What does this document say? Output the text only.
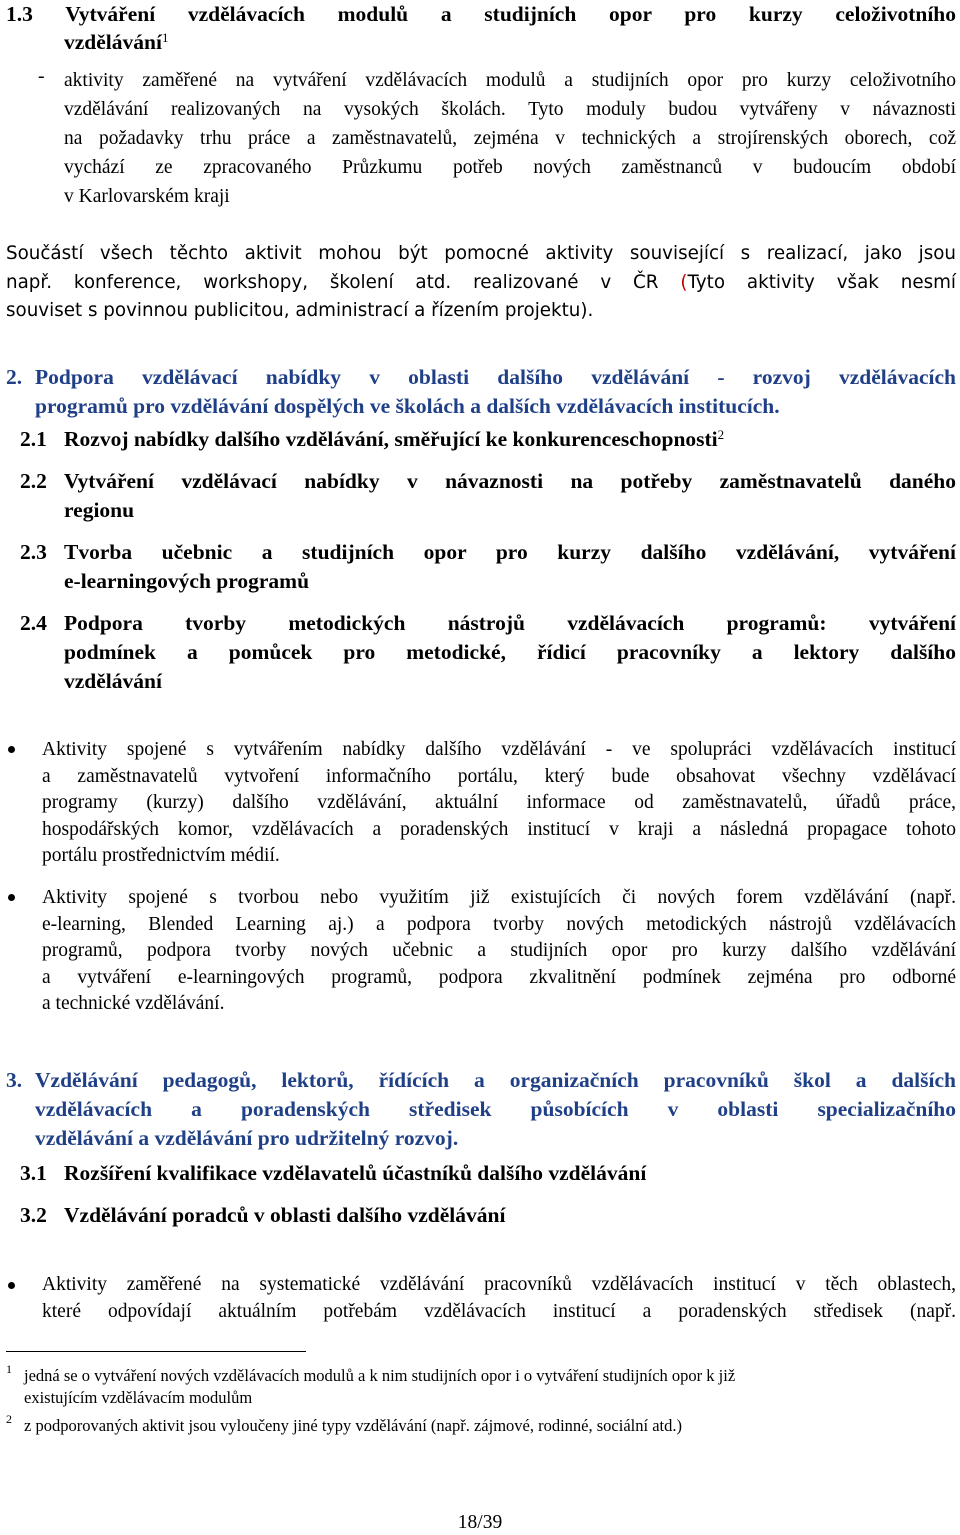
1.3 Vytváření vzdělávacích modulů a studijních opor pro kurzy celoživotního
vzdělávání$^1$
- aktivity zaměřené na vytváření vzdělávacích modulů a studijních opor pro kurzy celoživotního
vzdělávání realizovaných na vysokých školách. Tyto moduly budou vytvářeny v návaznosti
na požadavky trhu práce a zaměstnavatelů, zejména v technických a strojírenských oborech, což
vychází ze zpracovaného Průzkumu potřeb nových zaměstnanců v budoucím období
v Karlovarském kraji
Součástí všech těchto aktivit mohou být pomocné aktivity související s realizací, jako jsou
např. konference, workshopy, školení atd. realizované v ČR (Tyto aktivity však nesmí
souviset s povinnou publicitou, administrací a řízením projektu).
2. Podpora vzdělávací nabídky v oblasti dalšího vzdělávání - rozvoj vzdělávacích
programů pro vzdělávání dospělých ve školách a dalších vzdělávacích institucích.
2.1 Rozvoj nabídky dalšího vzdělávání, směřující ke konkurenceschopnosti$^2$
2.2 Vytváření vzdělávací nabídky v návaznosti na potřeby zaměstnavatelů daného
regionu
2.3 Tvorba učebnic a studijních opor pro kurzy dalšího vzdělávání, vytváření
e-learningových programů
2.4 Podpora tvorby metodických nástrojů vzdělávacích programů: vytváření
podmínek a pomůcek pro metodické, řídicí pracovníky a lektory dalšího
vzdělávání
Aktivity spojené s vytvářením nabídky dalšího vzdělávání - ve spolupráci vzdělávacích institucí
a zaměstnavatelů vytvoření informačního portálu, který bude obsahovat všechny vzdělávací
programy (kurzy) dalšího vzdělávání, aktuální informace od zaměstnavatelů, úřadů práce,
hospodářských komor, vzdělávacích a poradenských institucí v kraji a následná propagace tohoto
portálu prostřednictvím médií.
Aktivity spojené s tvorbou nebo využitím již existujících či nových forem vzdělávání (např.
e-learning, Blended Learning aj.) a podpora tvorby nových metodických nástrojů vzdělávacích
programů, podpora tvorby nových učebnic a studijních opor pro kurzy dalšího vzdělávání
a vytváření e-learningových programů, podpora zkvalitnění podmínek zejména pro odborné
a technické vzdělávání.
3. Vzdělávání pedagogů, lektorů, řídících a organizačních pracovníků škol a dalších
vzdělávacích a poradenských středisek působících v oblasti specializačního
vzdělávání a vzdělávání pro udržitelný rozvoj.
3.1 Rozšíření kvalifikace vzdělavatelů účastníků dalšího vzdělávání
3.2 Vzdělávání poradců v oblasti dalšího vzdělávání
Aktivity zaměřené na systematické vzdělávání pracovníků vzdělávacích institucí v těch oblastech,
které odpovídají aktuálním potřebám vzdělávacích institucí a poradenských středisek (např.
1 jedná se o vytváření nových vzdělávacích modulů a k nim studijních opor i o vytváření studijních opor k již
existujícím vzdělávacím modulům
2 z podporovaných aktivit jsou vyloučeny jiné typy vzdělávání (např. zájmové, rodinné, sociální atd.)
18/39
